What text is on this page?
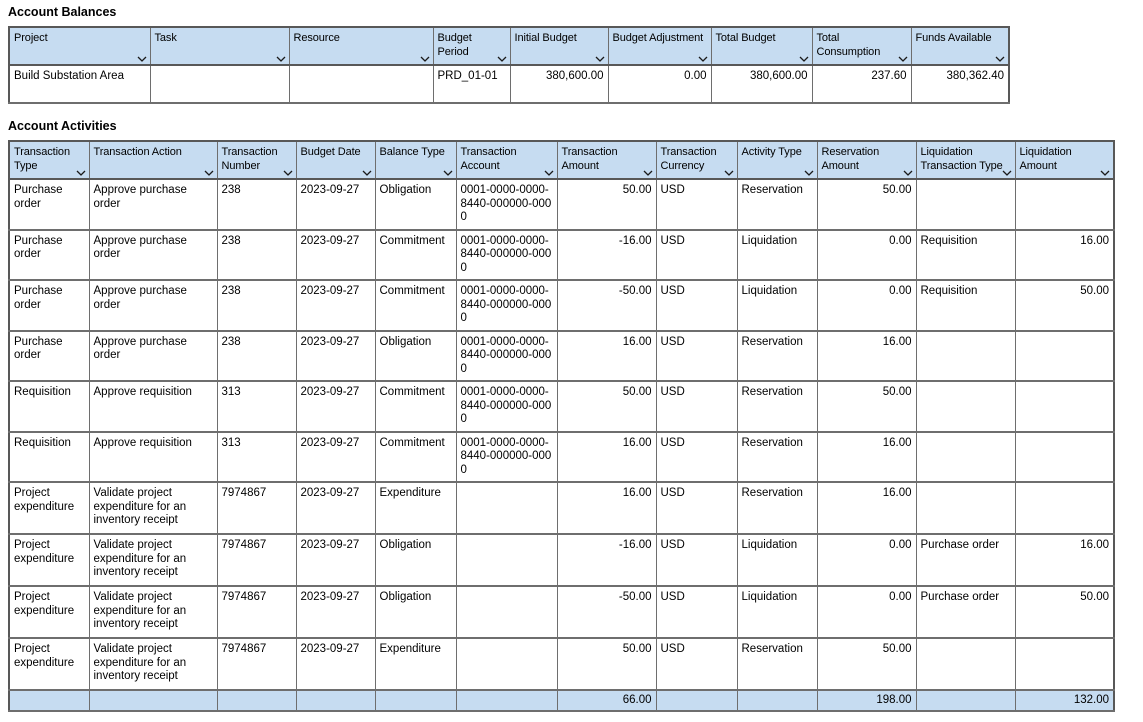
Account Balances
Project	Task	Resource	Budget Period	Initial Budget	Budget Adjustment	Total Budget	Total Consumption	Funds Available

Build Substation Area			PRD_01-01	380,600.00	0.00	380,600.00	237.60	380,362.40
Account Activities
Transaction Type	Transaction Action	Transaction Number	Budget Date	Balance Type	Transaction Account	Transaction Amount	Transaction Currency	Activity Type	Reservation Amount	Liquidation Transaction Type	Liquidation Amount

Purchase order	Approve purchase order	238	2023-09-27	Obligation	0001-0000-0000-8440-000000-0000	50.00	USD	Reservation	50.00		
Purchase order	Approve purchase order	238	2023-09-27	Commitment	0001-0000-0000-8440-000000-0000	-16.00	USD	Liquidation	0.00	Requisition	16.00
Purchase order	Approve purchase order	238	2023-09-27	Commitment	0001-0000-0000-8440-000000-0000	-50.00	USD	Liquidation	0.00	Requisition	50.00
Purchase order	Approve purchase order	238	2023-09-27	Obligation	0001-0000-0000-8440-000000-0000	16.00	USD	Reservation	16.00		
Requisition	Approve requisition	313	2023-09-27	Commitment	0001-0000-0000-8440-000000-0000	50.00	USD	Reservation	50.00		
Requisition	Approve requisition	313	2023-09-27	Commitment	0001-0000-0000-8440-000000-0000	16.00	USD	Reservation	16.00		
Project expenditure	Validate project expenditure for an inventory receipt	7974867	2023-09-27	Expenditure		16.00	USD	Reservation	16.00		
Project expenditure	Validate project expenditure for an inventory receipt	7974867	2023-09-27	Obligation		-16.00	USD	Liquidation	0.00	Purchase order	16.00
Project expenditure	Validate project expenditure for an inventory receipt	7974867	2023-09-27	Obligation		-50.00	USD	Liquidation	0.00	Purchase order	50.00
Project expenditure	Validate project expenditure for an inventory receipt	7974867	2023-09-27	Expenditure		50.00	USD	Reservation	50.00		
						66.00			198.00		132.00
